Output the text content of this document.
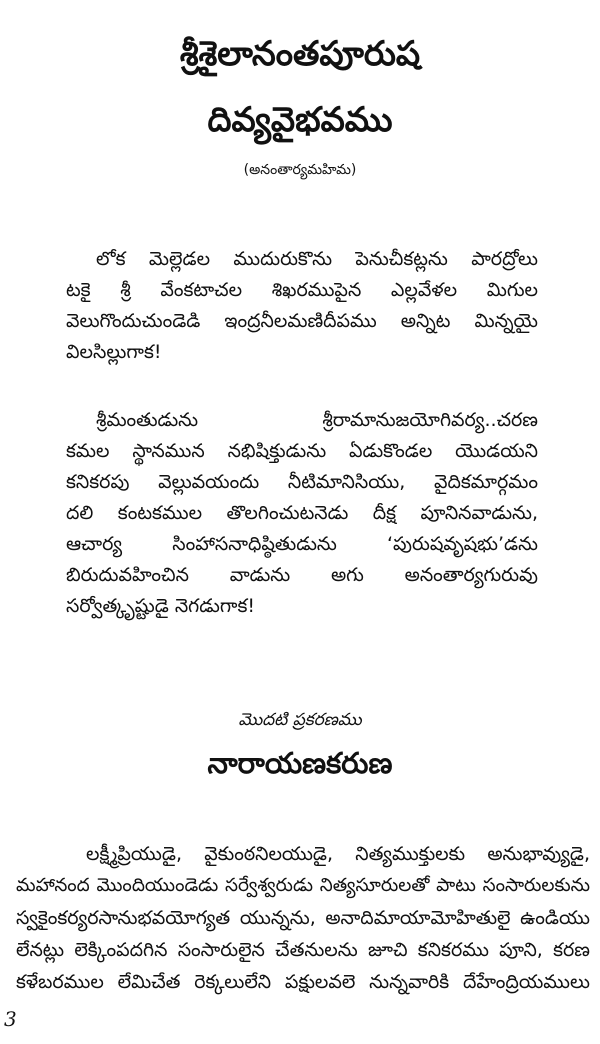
శ్రీశైలానంతపూరుష
దివ్యవైభవము
(అనంతార్యమహిమ)

లోక మెల్లెడల ముదురుకొను పెనుచీకట్లను పారద్రోలు
టకై శ్రీ వేంకటాచల శిఖరముపైన ఎల్లవేళల మిగుల
వెలుగొందుచుండెడి ఇంద్రనీలమణిదీపము అన్నిట మిన్నయై
విలసిల్లుగాక!

శ్రీమంతుడును శ్రీరామానుజయోగివర్య..చరణ
కమల స్థానమున నభిషిక్తుడును ఏడుకొండల యొడయని
కనికరపు వెల్లువయందు నీటిమానిసియు, వైదికమార్గమం
దలి కంటకముల తొలగించుటనెడు దీక్ష పూనినవాడును,
ఆచార్య సింహాసనాధిష్ఠితుడును ‘పురుషవృషభు’డను
బిరుదువహించిన వాడును అగు అనంతార్యగురువు
సర్వోత్కృష్టుడై నెగడుగాక!

మొదటి ప్రకరణము
నారాయణకరుణ

లక్ష్మీప్రియుడై, వైకుంఠనిలయుడై, నిత్యముక్తులకు అనుభావ్యుడై,
మహానంద మొందియుండెడు సర్వేశ్వరుడు నిత్యసూరులతో పాటు సంసారులకును
స్వకైంకర్యరసానుభవయోగ్యత యున్నను, అనాదిమాయామోహితులై ఉండియు
లేనట్లు లెక్కింపదగిన సంసారులైన చేతనులను జూచి కనికరము పూని, కరణ
కళేబరముల లేమిచేత రెక్కలులేని పక్షులవలె నున్నవారికి దేహేంద్రియములు

3
